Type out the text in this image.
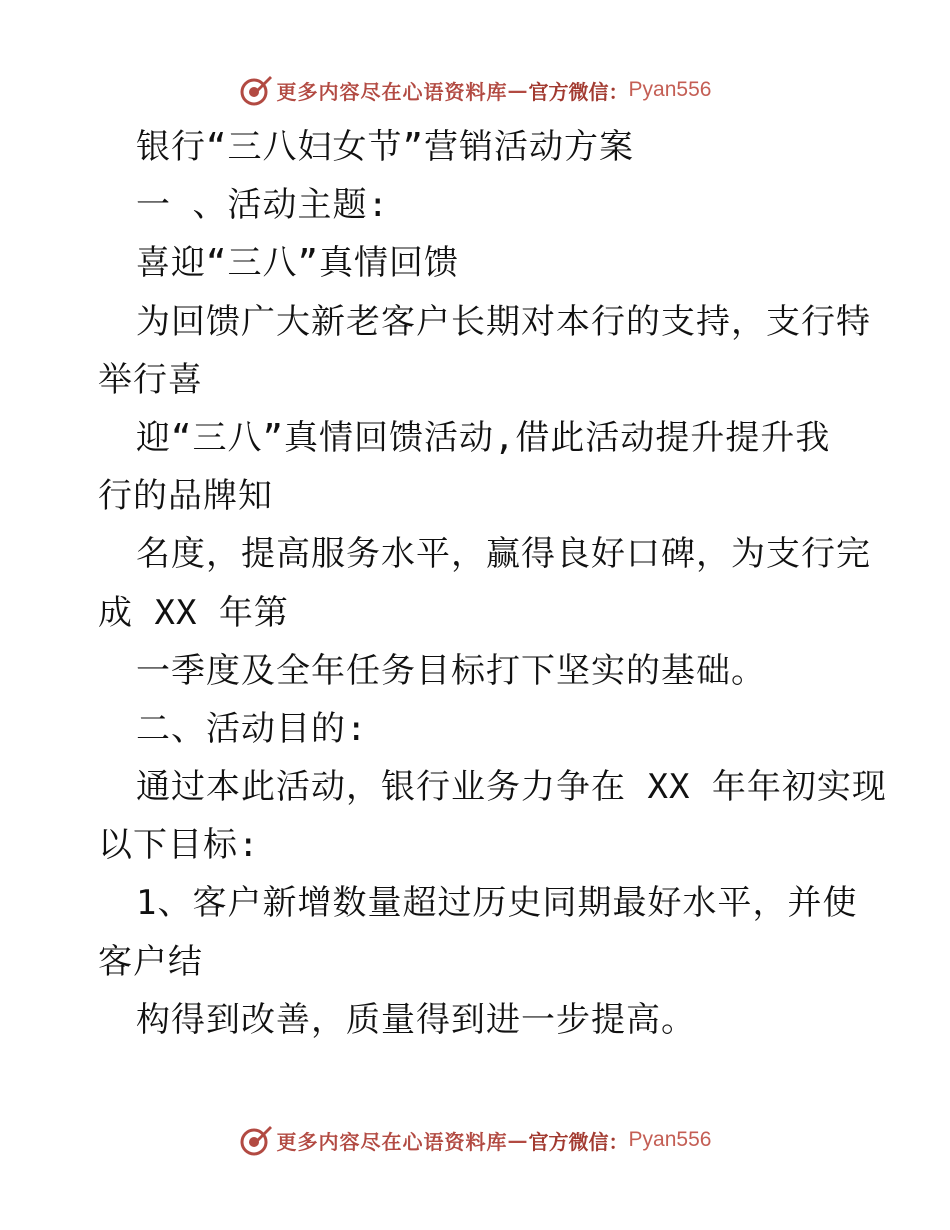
更多内容尽在心语资料库 — 官方微信： Pyan556
银行“三八妇女节”营销活动方案
一 、活动主题:
喜迎“三八”真情回馈
为回馈广大新老客户长期对本行的支持，支行特
举行喜
迎“三八”真情回馈活动,借此活动提升提升我
行的品牌知
名度，提高服务水平，赢得良好口碑，为支行完
成 XX 年第
一季度及全年任务目标打下坚实的基础。
二、活动目的:
通过本此活动，银行业务力争在 XX 年年初实现
以下目标:
1、客户新增数量超过历史同期最好水平，并使
客户结
构得到改善，质量得到进一步提高。
更多内容尽在心语资料库 — 官方微信： Pyan556
